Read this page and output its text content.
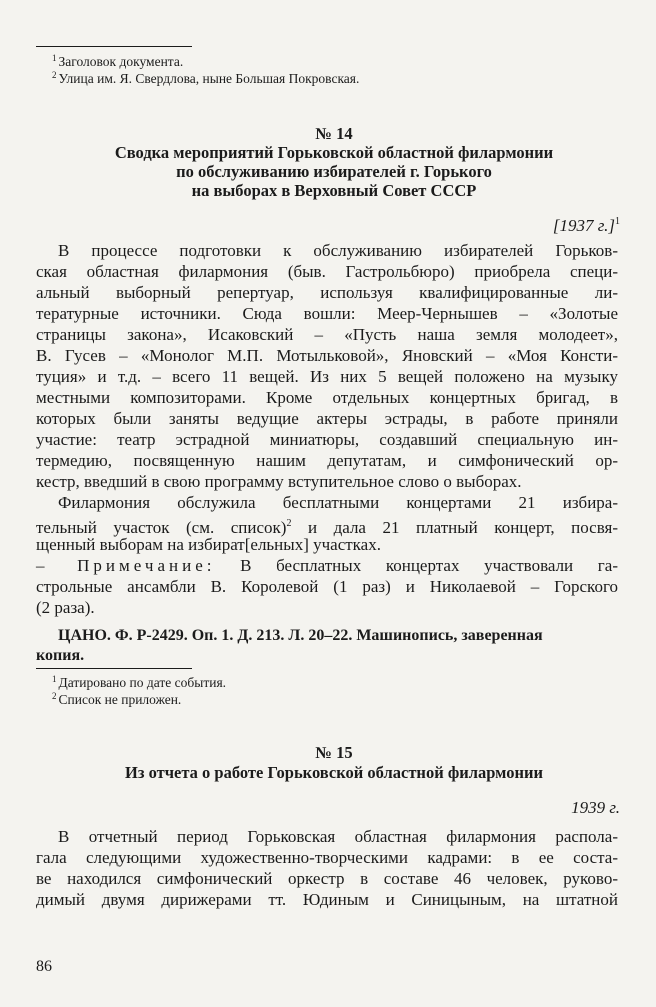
$^1$ Заголовок документа.
$^2$ Улица им. Я. Свердлова, ныне Большая Покровская.
№ 14
Сводка мероприятий Горьковской областной филармонии
по обслуживанию избирателей г. Горького
на выборах в Верховный Совет СССР
[1937 г.]$^1$
В процессе подготовки к обслуживанию избирателей Горьков-
ская областная филармония (быв. Гастрольбюро) приобрела специ-
альный выборный репертуар, используя квалифицированные ли-
тературные источники. Сюда вошли: Меер-Чернышев – «Золотые
страницы закона», Исаковский – «Пусть наша земля молодеет»,
В. Гусев – «Монолог М.П. Мотыльковой», Яновский – «Моя Консти-
туция» и т.д. – всего 11 вещей. Из них 5 вещей положено на музыку
местными композиторами. Кроме отдельных концертных бригад, в
которых были заняты ведущие актеры эстрады, в работе приняли
участие: театр эстрадной миниатюры, создавший специальную ин-
термедию, посвященную нашим депутатам, и симфонический ор-
кестр, введший в свою программу вступительное слово о выборах.
Филармония обслужила бесплатными концертами 21 избира-
тельный участок (см. список)$^2$ и дала 21 платный концерт, посвя-
щенный выборам на избират[ельных] участках.
– Примечание: В бесплатных концертах участвовали га-
строльные ансамбли В. Королевой (1 раз) и Николаевой – Горского
(2 раза).
ЦАНО. Ф. Р-2429. Оп. 1. Д. 213. Л. 20–22. Машинопись, заверенная
копия.
$^1$ Датировано по дате события.
$^2$ Список не приложен.
№ 15
Из отчета о работе Горьковской областной филармонии
1939 г.
В отчетный период Горьковская областная филармония распола-
гала следующими художественно-творческими кадрами: в ее соста-
ве находился симфонический оркестр в составе 46 человек, руково-
димый двумя дирижерами тт. Юдиным и Синицыным, на штатной
86
